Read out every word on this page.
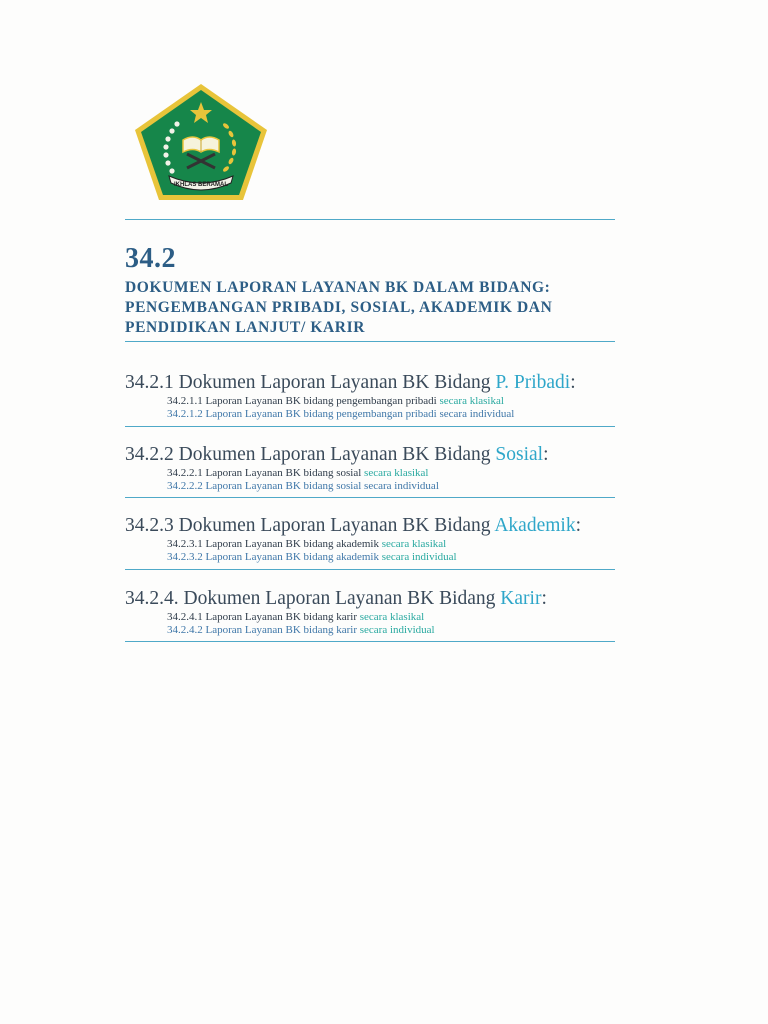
IKHLAS BERAMAL
34.2
DOKUMEN LAPORAN LAYANAN BK DALAM BIDANG:
PENGEMBANGAN PRIBADI, SOSIAL, AKADEMIK DAN
PENDIDIKAN LANJUT/ KARIR
34.2.1 Dokumen Laporan Layanan BK Bidang P. Pribadi:
34.2.1.1 Laporan Layanan BK bidang pengembangan pribadi secara klasikal
34.2.1.2 Laporan Layanan BK bidang pengembangan pribadi secara individual
34.2.2 Dokumen Laporan Layanan BK Bidang Sosial:
34.2.2.1 Laporan Layanan BK bidang sosial secara klasikal
34.2.2.2 Laporan Layanan BK bidang sosial secara individual
34.2.3 Dokumen Laporan Layanan BK Bidang Akademik:
34.2.3.1 Laporan Layanan BK bidang akademik secara klasikal
34.2.3.2 Laporan Layanan BK bidang akademik secara individual
34.2.4. Dokumen Laporan Layanan BK Bidang Karir:
34.2.4.1 Laporan Layanan BK bidang karir secara klasikal
34.2.4.2 Laporan Layanan BK bidang karir secara individual
